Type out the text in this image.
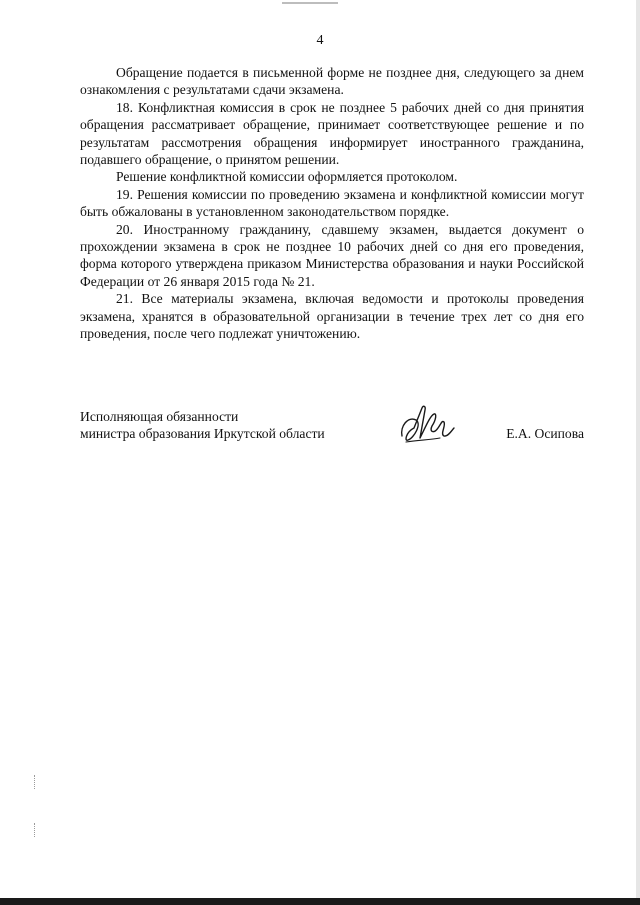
4

Обращение подается в письменной форме не позднее дня, следующего за днем ознакомления с результатами сдачи экзамена.

18. Конфликтная комиссия в срок не позднее 5 рабочих дней со дня принятия обращения рассматривает обращение, принимает соответствующее решение и по результатам рассмотрения обращения информирует иностранного гражданина, подавшего обращение, о принятом решении.

Решение конфликтной комиссии оформляется протоколом.

19. Решения комиссии по проведению экзамена и конфликтной комиссии могут быть обжалованы в установленном законодательством порядке.

20. Иностранному гражданину, сдавшему экзамен, выдается документ о прохождении экзамена в срок не позднее 10 рабочих дней со дня его проведения, форма которого утверждена приказом Министерства образования и науки Российской Федерации от 26 января 2015 года № 21.

21. Все материалы экзамена, включая ведомости и протоколы проведения экзамена, хранятся в образовательной организации в течение трех лет со дня его проведения, после чего подлежат уничтожению.

Исполняющая обязанности
министра образования Иркутской области	Е.А. Осипова
